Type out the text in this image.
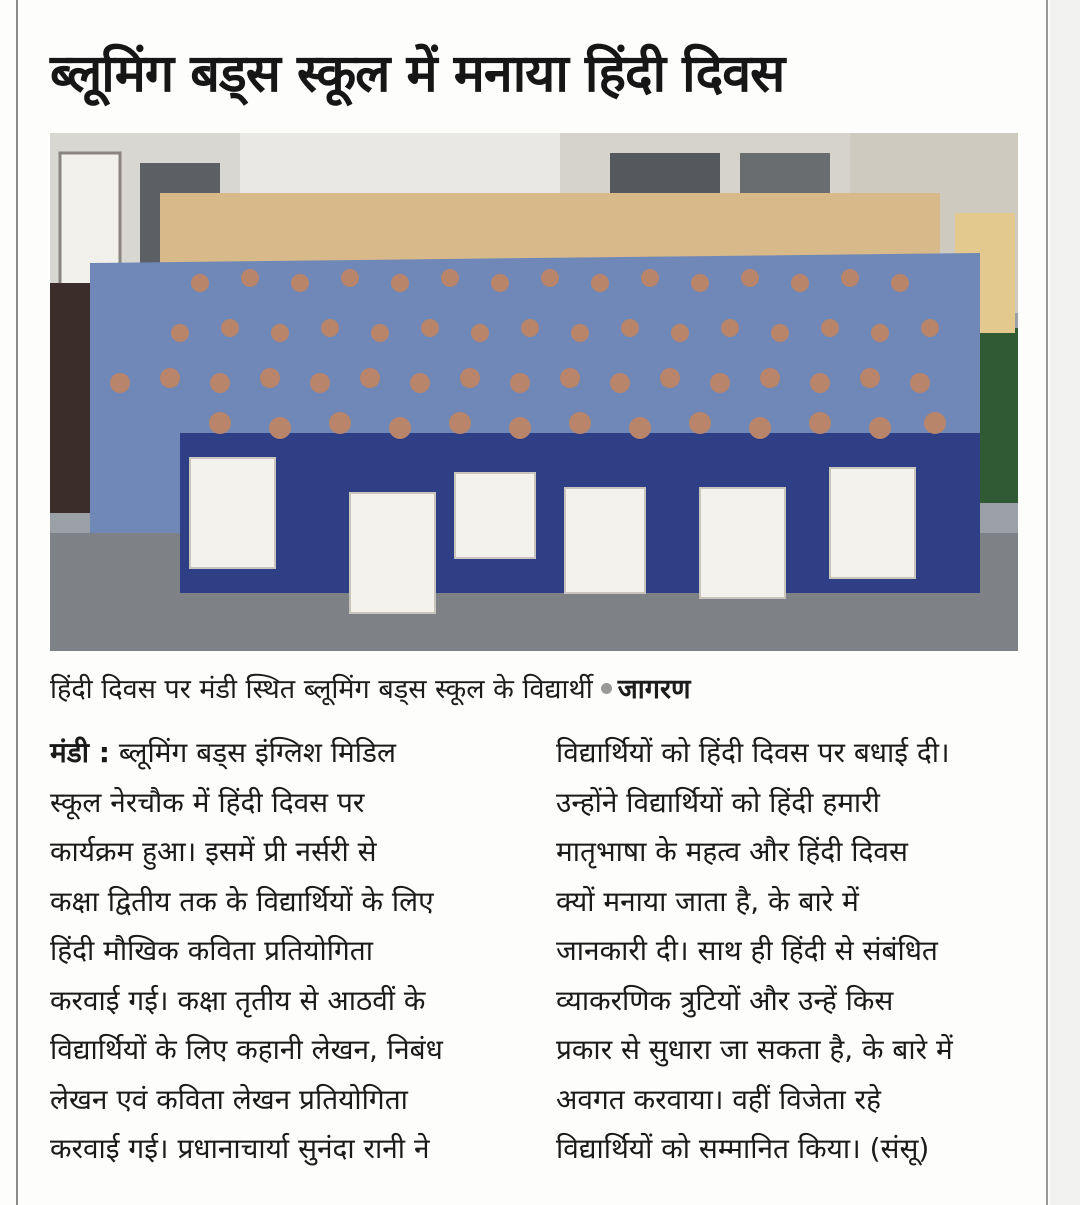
ब्लूमिंग बड्स स्कूल में मनाया हिंदी दिवस
हिंदी दिवस पर मंडी स्थित ब्लूमिंग बड्स स्कूल के विद्यार्थी जागरण
मंडी : ब्लूमिंग बड्स इंग्लिश मिडिल
स्कूल नेरचौक में हिंदी दिवस पर
कार्यक्रम हुआ। इसमें प्री नर्सरी से
कक्षा द्वितीय तक के विद्यार्थियों के लिए
हिंदी मौखिक कविता प्रतियोगिता
करवाई गई। कक्षा तृतीय से आठवीं के
विद्यार्थियों के लिए कहानी लेखन, निबंध
लेखन एवं कविता लेखन प्रतियोगिता
करवाई गई। प्रधानाचार्या सुनंदा रानी ने
विद्यार्थियों को हिंदी दिवस पर बधाई दी।
उन्होंने विद्यार्थियों को हिंदी हमारी
मातृभाषा के महत्व और हिंदी दिवस
क्यों मनाया जाता है, के बारे में
जानकारी दी। साथ ही हिंदी से संबंधित
व्याकरणिक त्रुटियों और उन्हें किस
प्रकार से सुधारा जा सकता है, के बारे में
अवगत करवाया। वहीं विजेता रहे
विद्यार्थियों को सम्मानित किया। (संसू)
